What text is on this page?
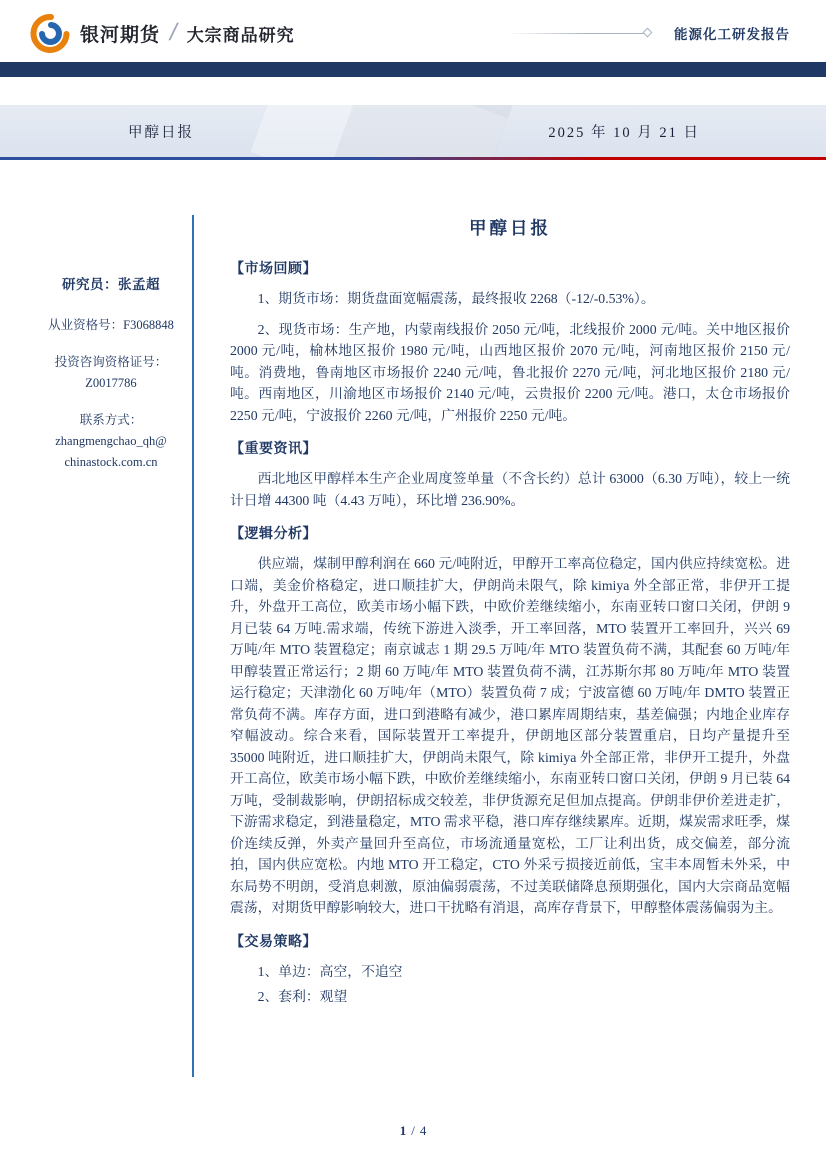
银河期货 / 大宗商品研究	能源化工研发报告
甲醇日报	2025 年 10 月 21 日
研究员：张孟超
从业资格号：F3068848
投资咨询资格证号：
Z0017786
联系方式：
zhangmengchao_qh@
chinastock.com.cn
甲醇日报
【市场回顾】

1、期货市场：期货盘面宽幅震荡，最终报收 2268（-12/-0.53%）。

2、现货市场：生产地，内蒙南线报价 2050 元/吨，北线报价 2000 元/吨。关中地区报价 2000 元/吨，榆林地区报价 1980 元/吨，山西地区报价 2070 元/吨，河南地区报价 2150 元/吨。消费地，鲁南地区市场报价 2240 元/吨，鲁北报价 2270 元/吨，河北地区报价 2180 元/吨。西南地区，川渝地区市场报价 2140 元/吨，云贵报价 2200 元/吨。港口，太仓市场报价 2250 元/吨，宁波报价 2260 元/吨，广州报价 2250 元/吨。

【重要资讯】

西北地区甲醇样本生产企业周度签单量（不含长约）总计 63000（6.30 万吨），较上一统计日增 44300 吨（4.43 万吨），环比增 236.90%。

【逻辑分析】

供应端，煤制甲醇利润在 660 元/吨附近，甲醇开工率高位稳定，国内供应持续宽松。进口端，美金价格稳定，进口顺挂扩大，伊朗尚未限气，除 kimiya 外全部正常，非伊开工提升，外盘开工高位，欧美市场小幅下跌，中欧价差继续缩小，东南亚转口窗口关闭，伊朗 9 月已装 64 万吨.需求端，传统下游进入淡季，开工率回落，MTO 装置开工率回升，兴兴 69 万吨/年 MTO 装置稳定；南京诚志 1 期 29.5 万吨/年 MTO 装置负荷不满，其配套 60 万吨/年甲醇装置正常运行；2 期 60 万吨/年 MTO 装置负荷不满，江苏斯尔邦 80 万吨/年 MTO 装置运行稳定；天津渤化 60 万吨/年（MTO）装置负荷 7 成；宁波富德 60 万吨/年 DMTO 装置正常负荷不满。库存方面，进口到港略有减少，港口累库周期结束，基差偏强；内地企业库存窄幅波动。综合来看，国际装置开工率提升，伊朗地区部分装置重启，日均产量提升至 35000 吨附近，进口顺挂扩大，伊朗尚未限气，除 kimiya 外全部正常，非伊开工提升，外盘开工高位，欧美市场小幅下跌，中欧价差继续缩小，东南亚转口窗口关闭，伊朗 9 月已装 64 万吨，受制裁影响，伊朗招标成交较差，非伊货源充足但加点提高。伊朗非伊价差进走扩，下游需求稳定，到港量稳定，MTO 需求平稳，港口库存继续累库。近期，煤炭需求旺季，煤价连续反弹，外卖产量回升至高位，市场流通量宽松，工厂让利出货，成交偏差，部分流拍，国内供应宽松。内地 MTO 开工稳定，CTO 外采亏损接近前低，宝丰本周暂未外采，中东局势不明朗，受消息刺激，原油偏弱震荡，不过美联储降息预期强化，国内大宗商品宽幅震荡，对期货甲醇影响较大，进口干扰略有消退，高库存背景下，甲醇整体震荡偏弱为主。

【交易策略】

1、单边：高空，不追空

2、套利：观望

1 / 4
